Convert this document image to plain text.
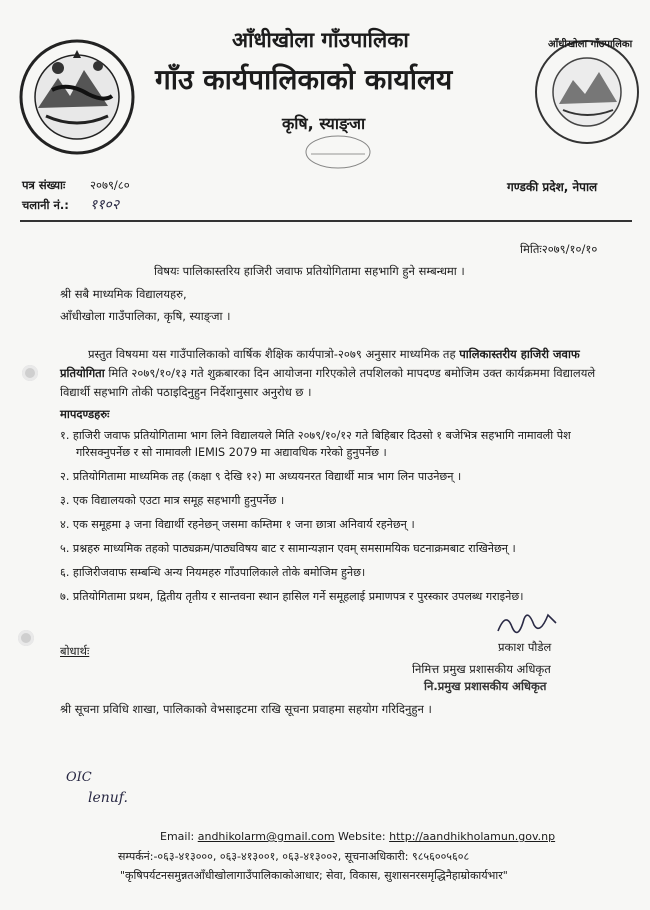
आँधीखोला गाँउपालिका
आँधीखोला गाँउपालिका
गाँउ कार्यपालिकाको कार्यालय
कृषि, स्याङ्जा
पत्र संख्याः २०७९/८०
चलानी नं.: ११०२
गण्डकी प्रदेश, नेपाल
मितिः२०७९/१०/१०
विषयः पालिकास्तरिय हाजिरी जवाफ प्रतियोगितामा सहभागि हुने सम्बन्धमा ।
श्री सबै माध्यमिक विद्यालयहरु,
आँधीखोला गाउँपालिका, कृषि, स्याङ्जा ।
प्रस्तुत विषयमा यस गाउँपालिकाको वार्षिक शैक्षिक कार्यपात्रो-२०७९ अनुसार माध्यमिक तह पालिकास्तरीय हाजिरी जवाफ प्रतियोगिता मिति २०७९/१०/१३ गते शुक्रबारका दिन आयोजना गरिएकोले तपशिलको मापदण्ड बमोजिम उक्त कार्यक्रममा विद्यालयले विद्यार्थी सहभागि तोकी पठाइदिनुहुन निर्देशानुसार अनुरोध छ ।
मापदण्डहरुः
१. हाजिरी जवाफ प्रतियोगितामा भाग लिने विद्यालयले मिति २०७९/१०/१२ गते बिहिबार दिउसो १ बजेभित्र सहभागि नामावली पेश गरिसक्नुपर्नेछ र सो नामावली IEMIS 2079 मा अद्यावधिक गरेको हुनुपर्नेछ ।
२. प्रतियोगितामा माध्यमिक तह (कक्षा ९ देखि १२) मा अध्ययनरत विद्यार्थी मात्र भाग लिन पाउनेछन् ।
३. एक विद्यालयको एउटा मात्र समूह सहभागी हुनुपर्नेछ ।
४. एक समूहमा ३ जना विद्यार्थी रहनेछन् जसमा कम्तिमा १ जना छात्रा अनिवार्य रहनेछन् ।
५. प्रश्नहरु माध्यमिक तहको पाठ्यक्रम/पाठ्यविषय बाट र सामान्यज्ञान एवम् समसामयिक घटनाक्रमबाट राखिनेछन् ।
६. हाजिरीजवाफ सम्बन्धि अन्य नियमहरु गाँउपालिकाले तोके बमोजिम हुनेछ।
७. प्रतियोगितामा प्रथम, द्वितीय तृतीय र सान्तवना स्थान हासिल गर्ने समूहलाई प्रमाणपत्र र पुरस्कार उपलब्ध गराइनेछ।
प्रकाश पौडेल
निमित्त प्रमुख प्रशासकीय अधिकृत
नि.प्रमुख प्रशासकीय अधिकृत
बोधार्थः
श्री सूचना प्रविधि शाखा, पालिकाको वेभसाइटमा राखि सूचना प्रवाहमा सहयोग गरिदिनुहुन ।
OIC
lenuf.
Email: andhikolarm@gmail.com Website: http://aandhikholamun.gov.np
सम्पर्कनं:-०६३-४१३०००, ०६३-४१३००१, ०६३-४१३००२, सूचनाअधिकारी: ९८५६००५६०८
"कृषिपर्यटनसमुन्नतआँधीखोलागाउँपालिकाकोआधार; सेवा, विकास, सुशासनरसमृद्धिनैहाम्रोकार्यभार"
